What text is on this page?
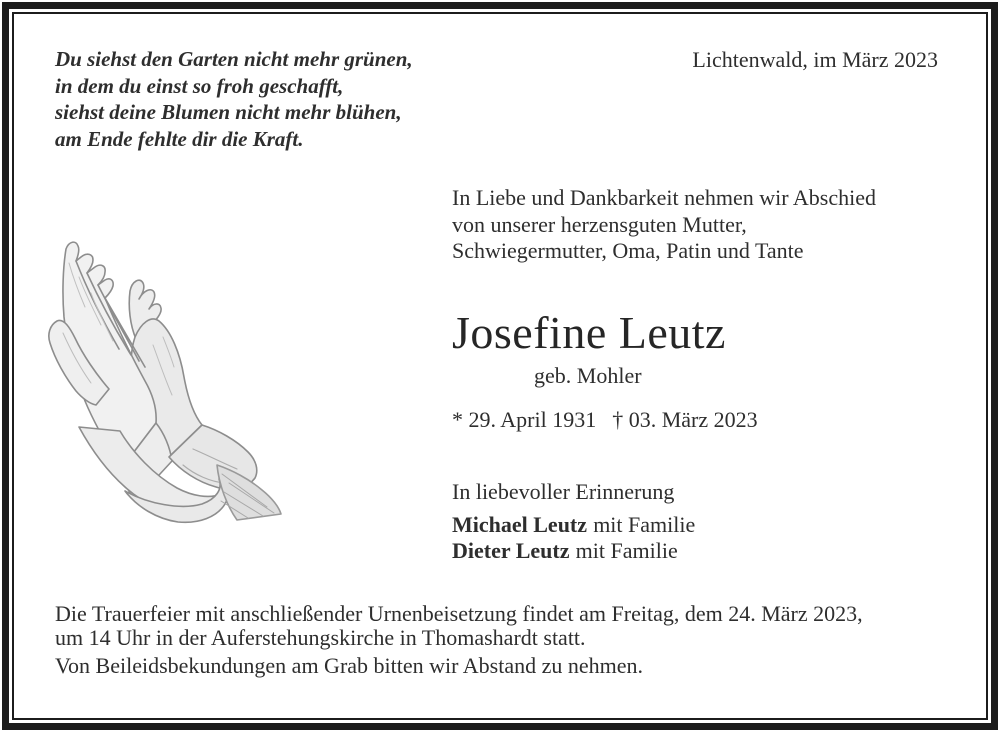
Du siehst den Garten nicht mehr grünen,
in dem du einst so froh geschafft,
siehst deine Blumen nicht mehr blühen,
am Ende fehlte dir die Kraft.
Lichtenwald, im März 2023
In Liebe und Dankbarkeit nehmen wir Abschied
von unserer herzensguten Mutter,
Schwiegermutter, Oma, Patin und Tante
Josefine Leutz
geb. Mohler
* 29. April 1931 † 03. März 2023
In liebevoller Erinnerung
Michael Leutz mit Familie
Dieter Leutz mit Familie
Die Trauerfeier mit anschließender Urnenbeisetzung findet am Freitag, dem 24. März 2023,
um 14 Uhr in der Auferstehungskirche in Thomashardt statt.
Von Beileidsbekundungen am Grab bitten wir Abstand zu nehmen.
